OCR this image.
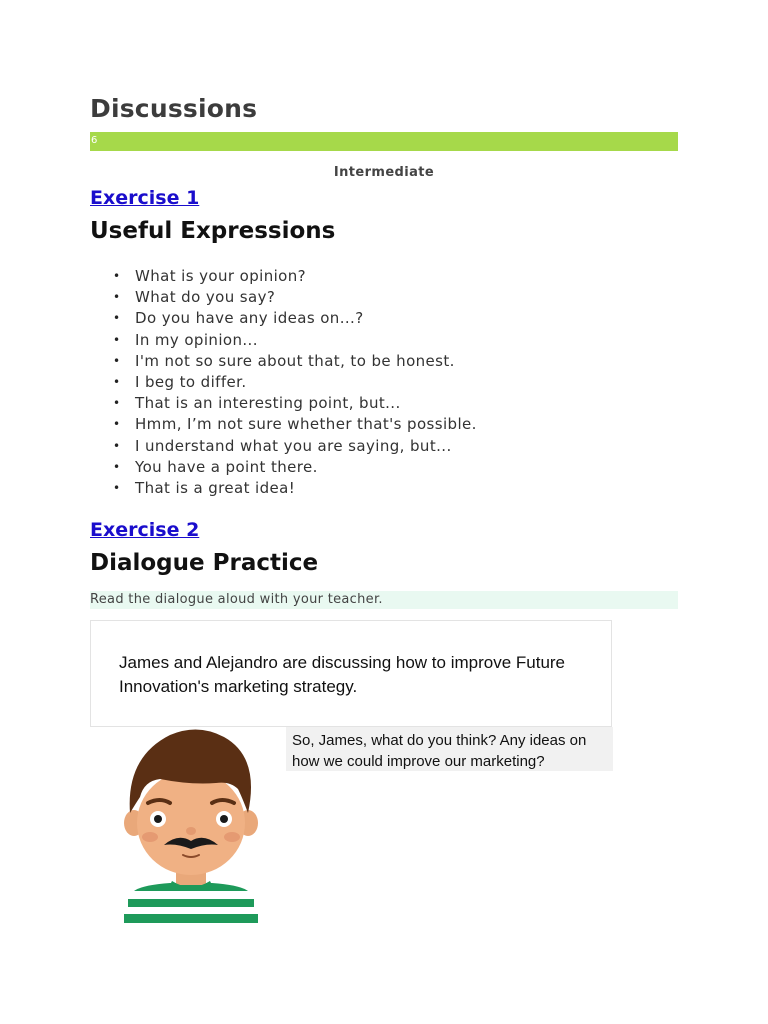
Discussions
6
Intermediate
Exercise 1
Useful Expressions
• What is your opinion?
• What do you say?
• Do you have any ideas on...?
• In my opinion...
• I'm not so sure about that, to be honest.
• I beg to differ.
• That is an interesting point, but...
• Hmm, I’m not sure whether that's possible.
• I understand what you are saying, but...
• You have a point there.
• That is a great idea!
Exercise 2
Dialogue Practice
Read the dialogue aloud with your teacher.
James and Alejandro are discussing how to improve Future Innovation's marketing strategy.
So, James, what do you think? Any ideas on how we could improve our marketing?
